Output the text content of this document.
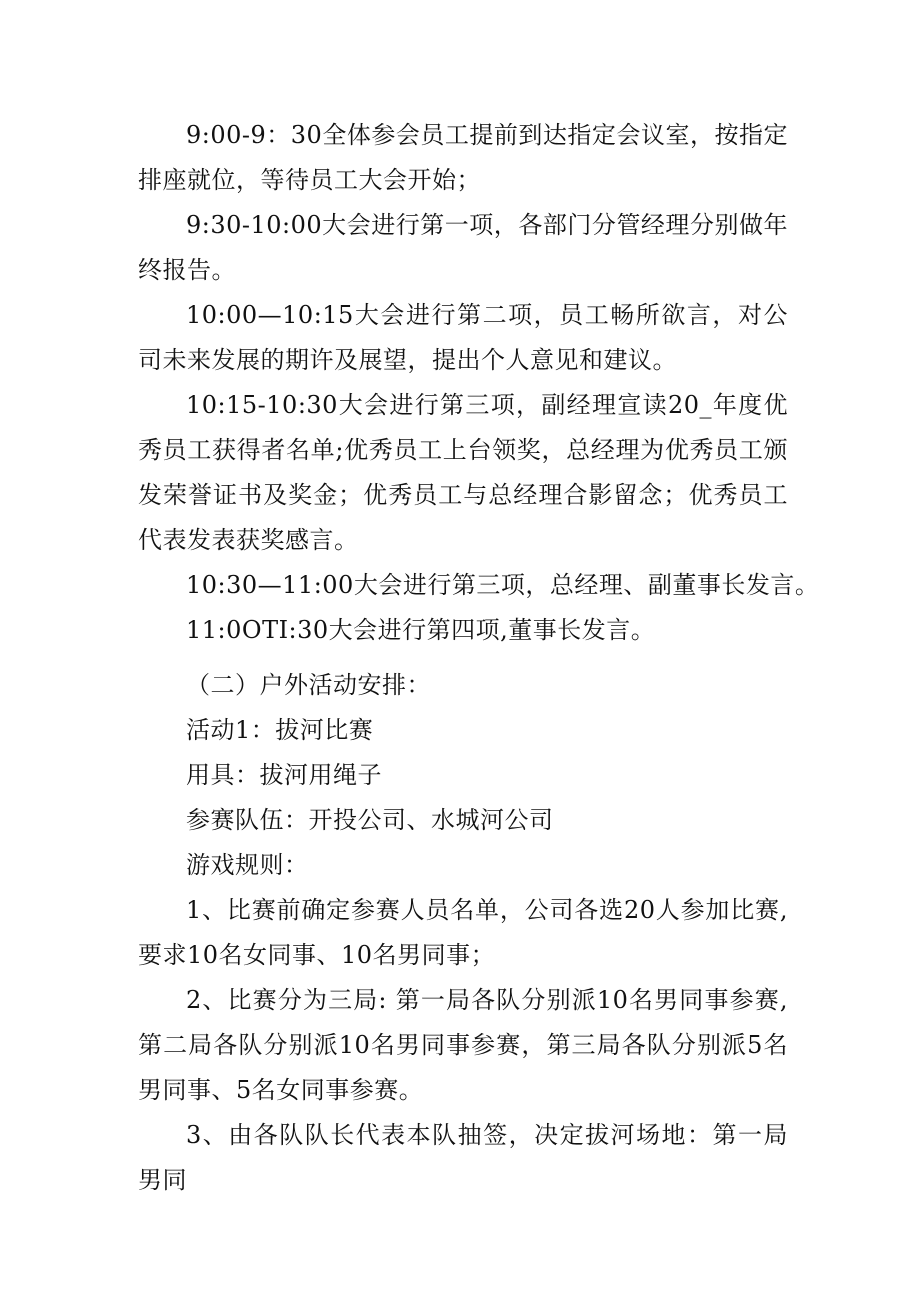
9:00-9：30全体参会员工提前到达指定会议室，按指定排座就位，等待员工大会开始；

9:30-10:00大会进行第一项，各部门分管经理分别做年终报告。

10:00—10:15大会进行第二项，员工畅所欲言，对公司未来发展的期许及展望，提出个人意见和建议。

10:15-10:30大会进行第三项，副经理宣读20_年度优秀员工获得者名单;优秀员工上台领奖，总经理为优秀员工颁发荣誉证书及奖金；优秀员工与总经理合影留念；优秀员工代表发表获奖感言。

10:30—11:00大会进行第三项，总经理、副董事长发言。

11:0OTI:30大会进行第四项,董事长发言。

（二）户外活动安排：

活动1：拔河比赛

用具：拔河用绳子

参赛队伍：开投公司、水城河公司

游戏规则：

1、比赛前确定参赛人员名单，公司各选20人参加比赛, 要求10名女同事、10名男同事；

2、比赛分为三局: 第一局各队分别派10名男同事参赛, 第二局各队分别派10名男同事参赛，第三局各队分别派5名男同事、5名女同事参赛。

3、由各队队长代表本队抽签，决定拔河场地：第一局男同
